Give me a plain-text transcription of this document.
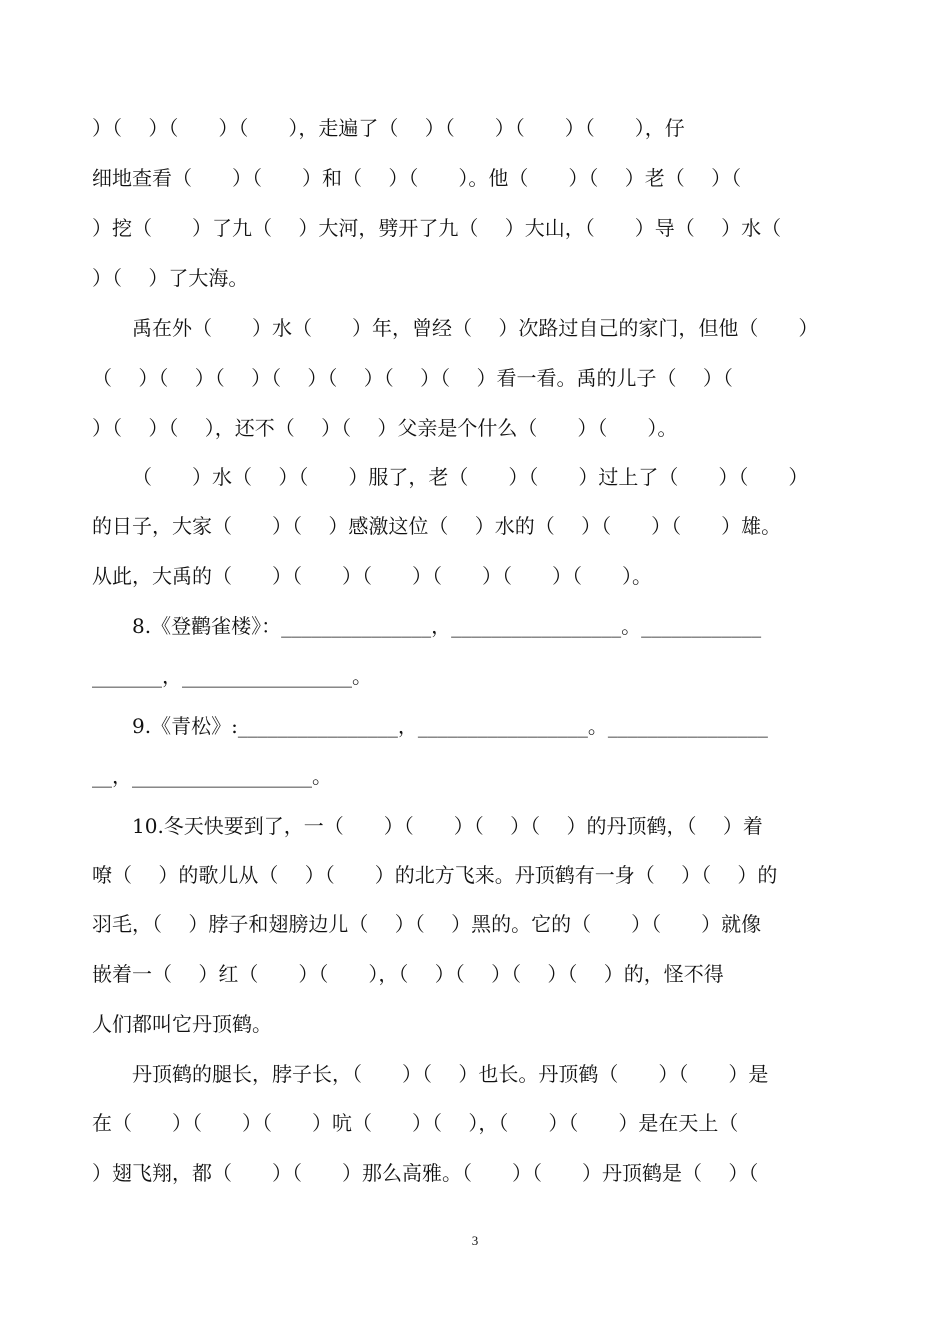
）（　 ）（　　）（　　），走遍了（　 ）（　　）（　　）（　　），仔
细地查看（　　）（　　）和（　 ）（　　）。他（　　）（　 ）老（　 ）（
）挖（　　）了九（　 ）大河，劈开了九（　 ）大山，（　　）导（　 ）水（
）（　 ）了大海。
禹在外（　　）水（　　）年，曾经（　 ）次路过自己的家门，但他（　　）
（　 ）（　 ）（　 ）（　 ）（　 ）（　 ）（　 ）看一看。禹的儿子（　 ）（
）（　 ）（　 ），还不（　 ）（　 ）父亲是个什么（　　）（　　）。
（　　）水（　 ）（　　）服了，老（　　）（　　）过上了（　　）（　　）
的日子，大家（　　）（　 ）感激这位（　 ）水的（　 ）（　　）（　　）雄。
从此，大禹的（　　）（　　）（　　）（　　）（　　）（　　）。
8.《登鹳雀楼》：_______________，_________________。____________
_______，_________________。
9.《青松》:________________，_________________。________________
__，__________________。
10.冬天快要到了，一（　　）（　　）（　 ）（　 ）的丹顶鹤，（　 ）着
嘹（　 ）的歌儿从（　 ）（　　）的北方飞来。丹顶鹤有一身（　 ）（　 ）的
羽毛，（　 ）脖子和翅膀边儿（　 ）（　 ）黑的。它的（　　）（　　）就像
嵌着一（　 ）红（　　）（　　），（　 ）（　 ）（　 ）（　 ）的，怪不得
人们都叫它丹顶鹤。
丹顶鹤的腿长，脖子长，（　　）（　 ）也长。丹顶鹤（　　）（　　）是
在（　　）（　　）（　　）吭（　　）（　 ），（　　）（　　）是在天上（
）翅飞翔，都（　　）（　　）那么高雅。（　　）（　　）丹顶鹤是（　 ）（
3
